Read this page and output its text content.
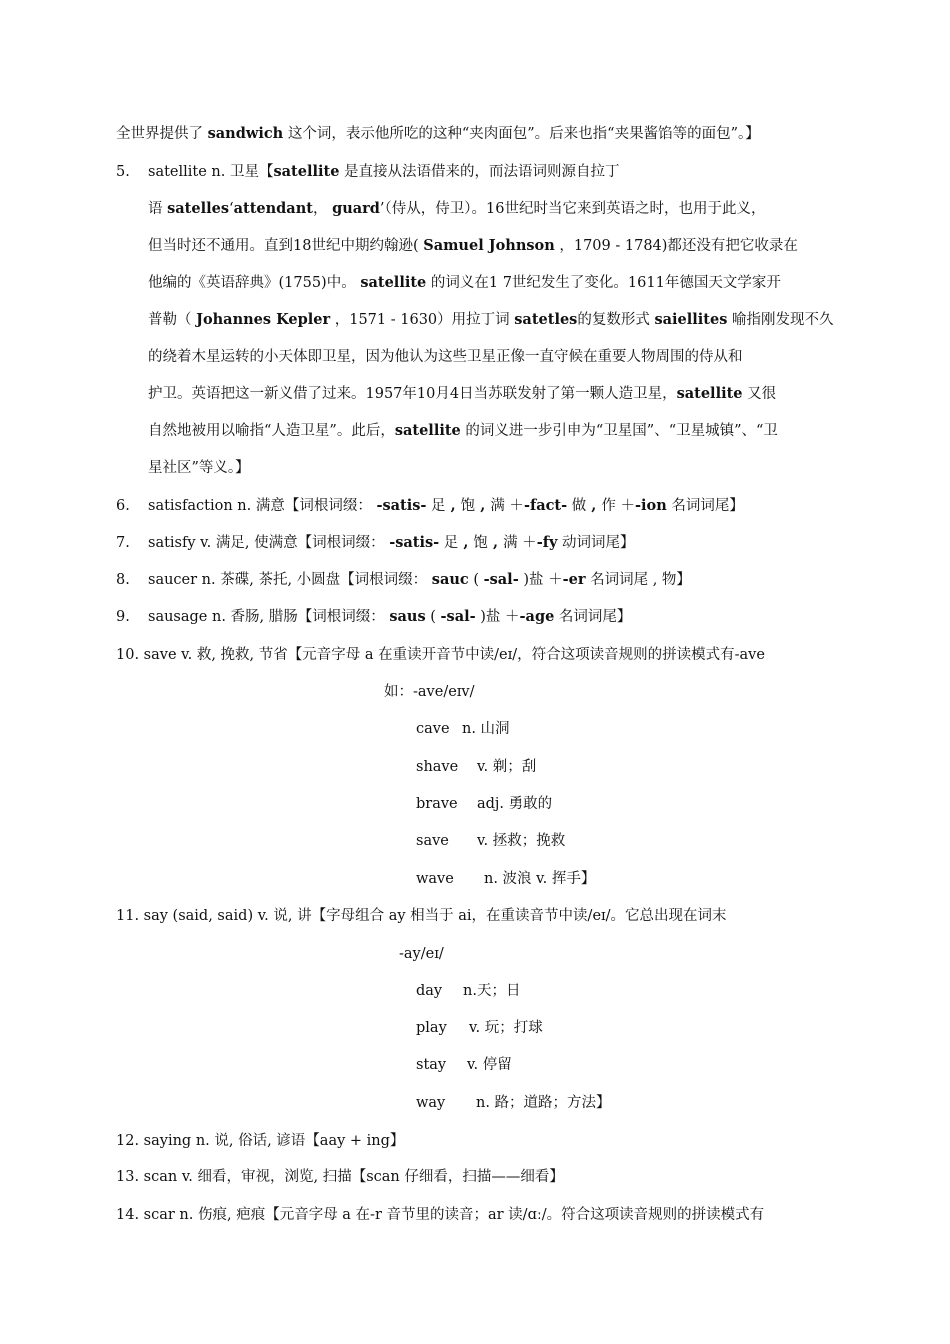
全世界提供了 sandwich 这个词，表示他所吃的这种“夹肉面包”。后来也指“夹果酱馅等的面包”。】
5. satellite n. 卫星【satellite 是直接从法语借来的，而法语词则源自拉丁
语 satelles‘attendant， guard’（侍从，侍卫）。16世纪时当它来到英语之时，也用于此义，
但当时还不通用。直到18世纪中期约翰逊( Samuel Johnson ，1709 - 1784)都还没有把它收录在
他编的《英语辞典》(1755)中。 satellite 的词义在1 7世纪发生了变化。1611年德国天文学家开
普勒（ Johannes Kepler ，1571 - 1630）用拉丁词 satetles的复数形式 saiellites 喻指刚发现不久
的绕着木星运转的小天体即卫星，因为他认为这些卫星正像一直守候在重要人物周围的侍从和
护卫。英语把这一新义借了过来。1957年10月4日当苏联发射了第一颗人造卫星，satellite 又很
自然地被用以喻指“人造卫星”。此后，satellite 的词义进一步引申为“卫星国”、“卫星城镇”、“卫
星社区”等义。】
6. satisfaction n. 满意【词根词缀： -satis- 足 , 饱 , 满 ＋-fact- 做 , 作 ＋-ion 名词词尾】
7. satisfy v. 满足, 使满意【词根词缀： -satis- 足 , 饱 , 满 ＋-fy 动词词尾】
8. saucer n. 茶碟, 茶托, 小圆盘【词根词缀： sauc ( -sal- )盐 ＋-er 名词词尾 , 物】
9. sausage n. 香肠, 腊肠【词根词缀： saus ( -sal- )盐 ＋-age 名词词尾】
10. save v. 救, 挽救, 节省【元音字母 a 在重读开音节中读/eɪ/，符合这项读音规则的拼读模式有-ave
如：-ave/eɪv/
cave n. 山洞
shave v. 剃；刮
brave adj. 勇敢的
save v. 拯救；挽救
wave n. 波浪 v. 挥手】
11. say (said, said) v. 说, 讲【字母组合 ay 相当于 ai，在重读音节中读/eɪ/。它总出现在词末
-ay/eɪ/
day n.天；日
play v. 玩；打球
stay v. 停留
way n. 路；道路；方法】
12. saying n. 说, 俗话, 谚语【aay + ing】
13. scan v. 细看，审视，浏览, 扫描【scan 仔细看，扫描——细看】
14. scar n. 伤痕, 疤痕【元音字母 a 在-r 音节里的读音；ar 读/ɑː/。符合这项读音规则的拼读模式有
